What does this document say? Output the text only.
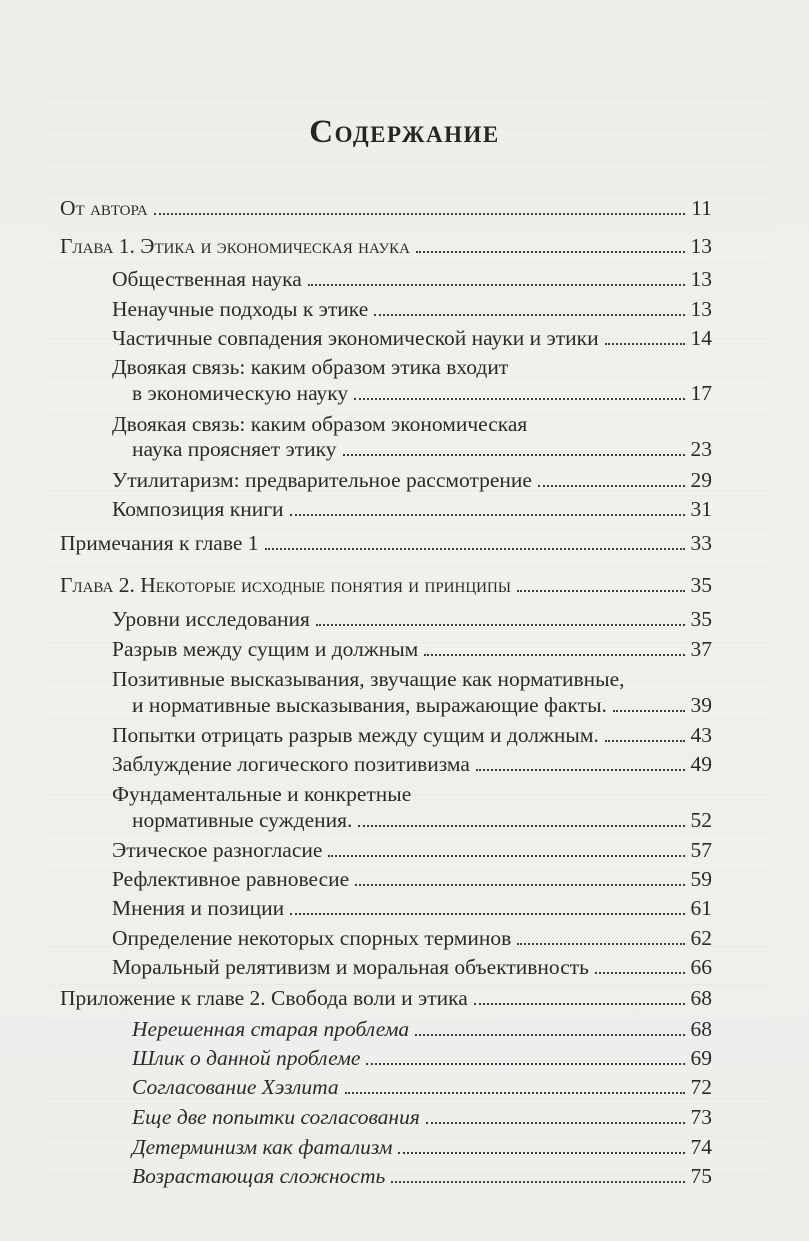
Содержание
От автора	11
Глава 1. Этика и экономическая наука	13
Общественная наука	13
Ненаучные подходы к этике	13
Частичные совпадения экономической науки и этики	14
Двоякая связь: каким образом этика входит
в экономическую науку	17
Двоякая связь: каким образом экономическая
наука проясняет этику	23
Утилитаризм: предварительное рассмотрение	29
Композиция книги	31
Примечания к главе 1	33
Глава 2. Некоторые исходные понятия и принципы	35
Уровни исследования	35
Разрыв между сущим и должным	37
Позитивные высказывания, звучащие как нормативные,
и нормативные высказывания, выражающие факты.	39
Попытки отрицать разрыв между сущим и должным.	43
Заблуждение логического позитивизма	49
Фундаментальные и конкретные
нормативные суждения.	52
Этическое разногласие	57
Рефлективное равновесие	59
Мнения и позиции	61
Определение некоторых спорных терминов	62
Моральный релятивизм и моральная объективность	66
Приложение к главе 2. Свобода воли и этика	68
Нерешенная старая проблема	68
Шлик о данной проблеме	69
Согласование Хэзлита	72
Еще две попытки согласования	73
Детерминизм как фатализм	74
Возрастающая сложность	75
